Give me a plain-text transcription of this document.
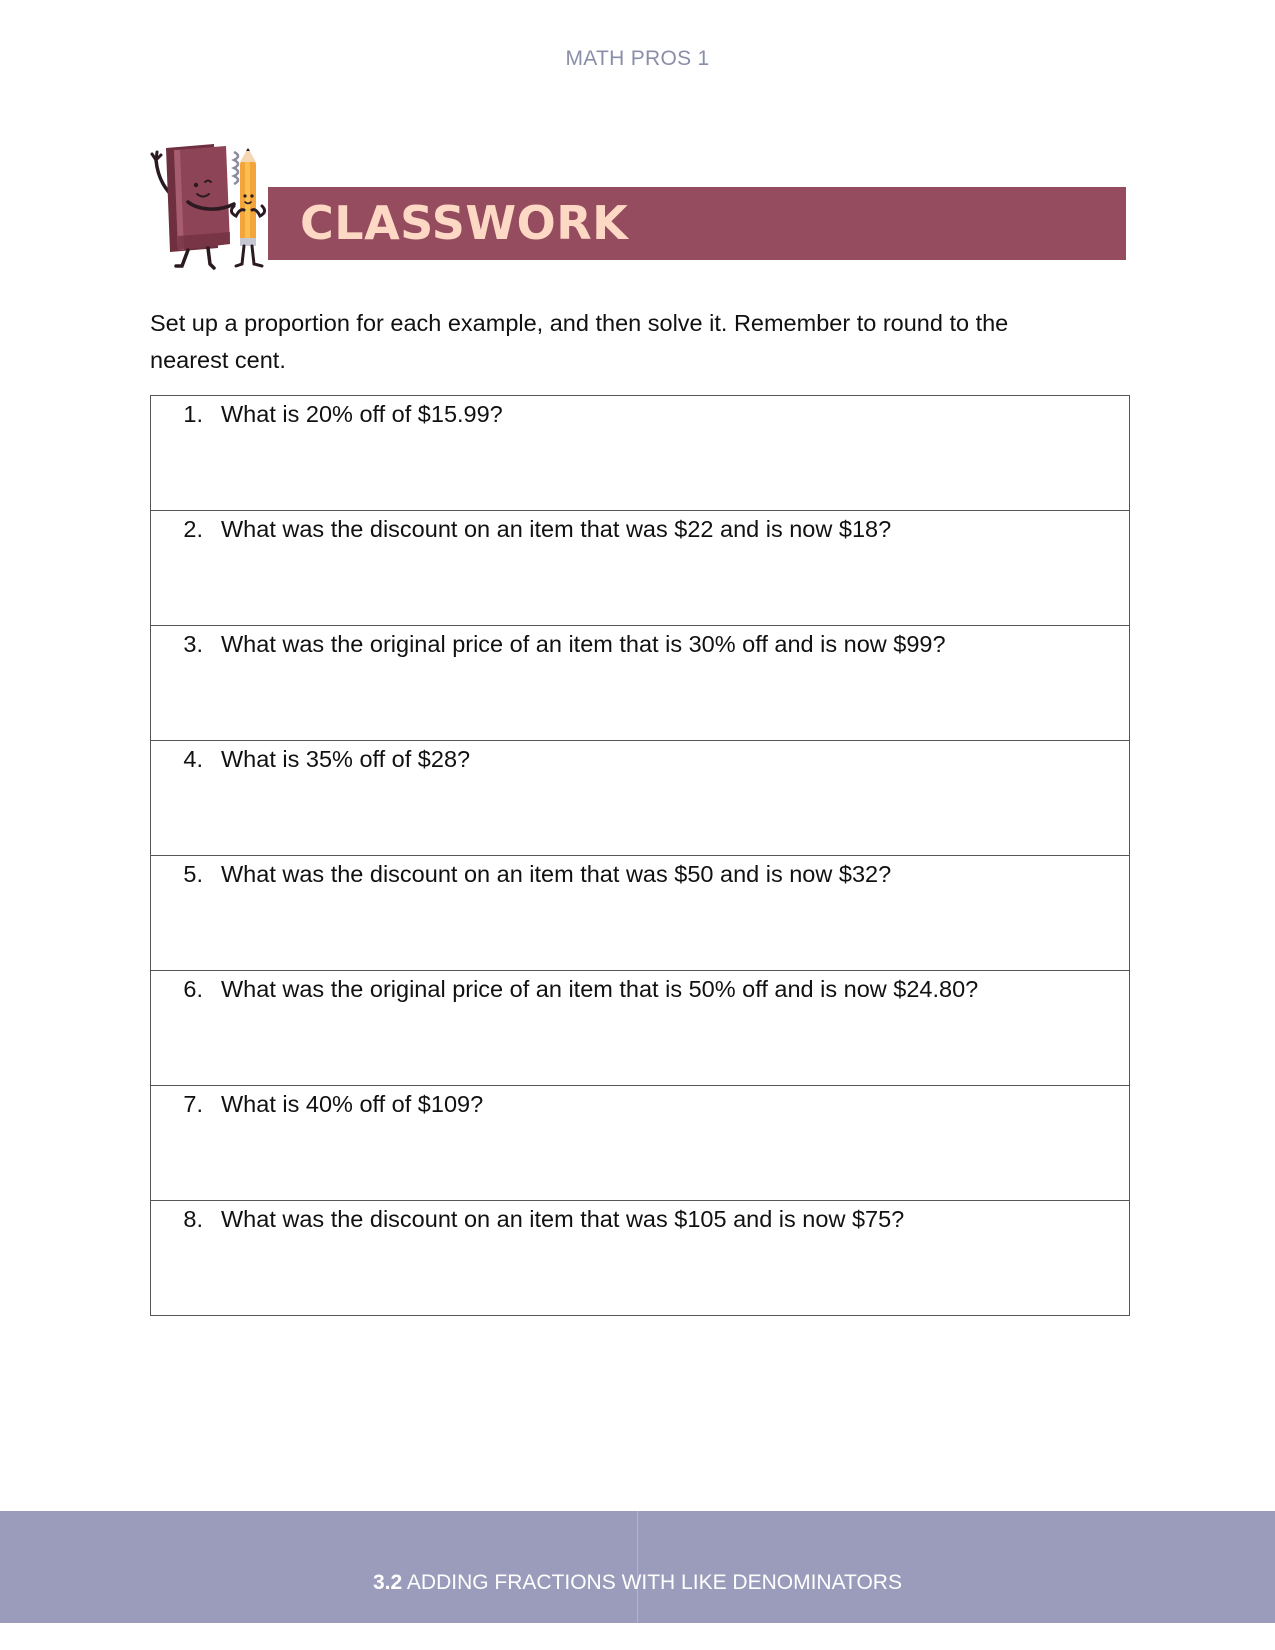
MATH PROS 1
CLASSWORK
Set up a proportion for each example, and then solve it. Remember to round to the nearest cent.
1. What is 20% off of $15.99?

2. What was the discount on an item that was $22 and is now $18?

3. What was the original price of an item that is 30% off and is now $99?

4. What is 35% off of $28?

5. What was the discount on an item that was $50 and is now $32?

6. What was the original price of an item that is 50% off and is now $24.80?

7. What is 40% off of $109?

8. What was the discount on an item that was $105 and is now $75?
3.2 ADDING FRACTIONS WITH LIKE DENOMINATORS
